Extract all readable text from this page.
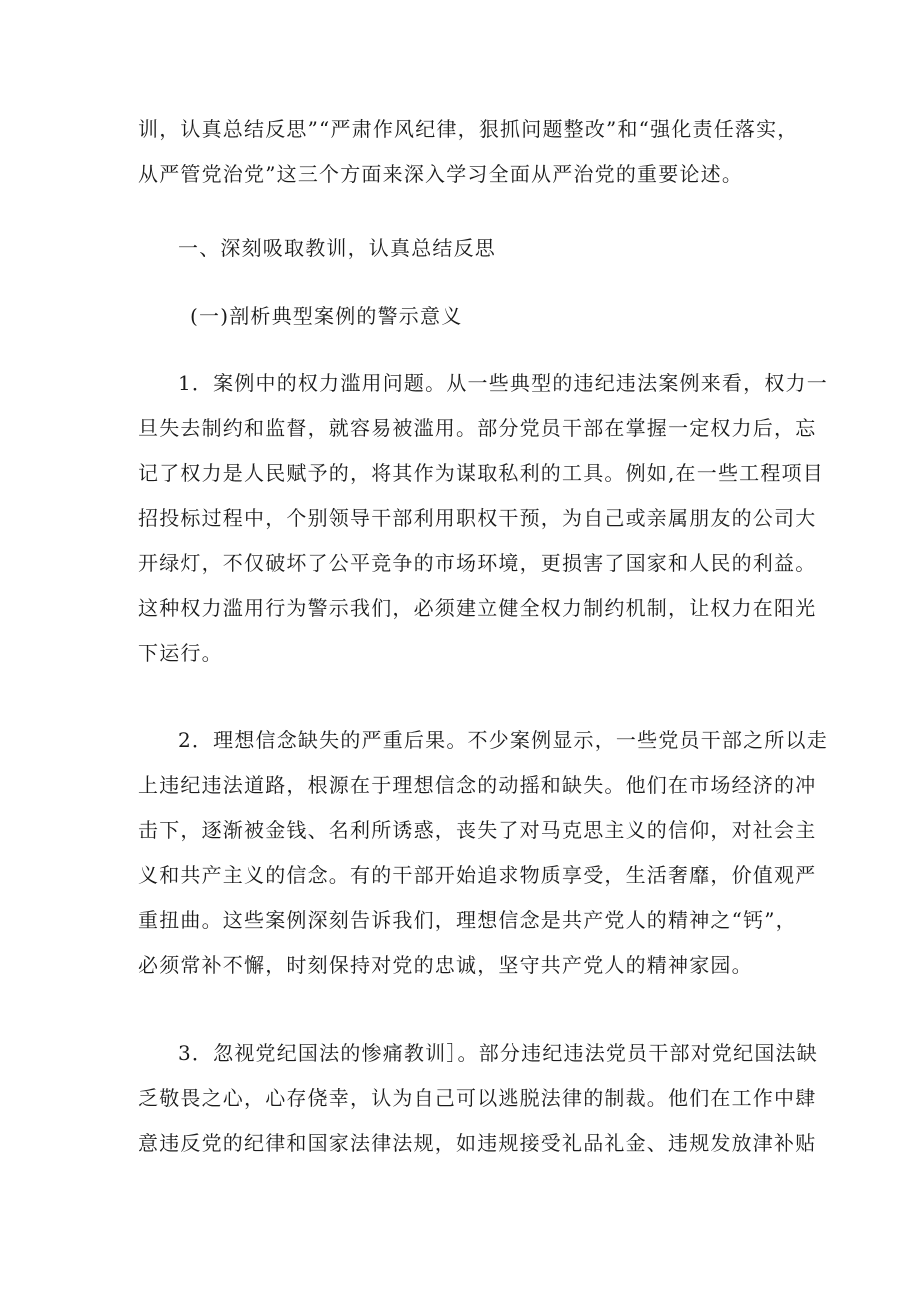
训，认真总结反思”“严肃作风纪律，狠抓问题整改”和“强化责任落实，
从严管党治党”这三个方面来深入学习全面从严治党的重要论述。
一、深刻吸取教训，认真总结反思
(一)剖析典型案例的警示意义
1．案例中的权力滥用问题。从一些典型的违纪违法案例来看，权力一
旦失去制约和监督，就容易被滥用。部分党员干部在掌握一定权力后，忘
记了权力是人民赋予的，将其作为谋取私利的工具。例如,在一些工程项目
招投标过程中，个别领导干部利用职权干预，为自己或亲属朋友的公司大
开绿灯，不仅破坏了公平竞争的市场环境，更损害了国家和人民的利益。
这种权力滥用行为警示我们，必须建立健全权力制约机制，让权力在阳光
下运行。
2．理想信念缺失的严重后果。不少案例显示，一些党员干部之所以走
上违纪违法道路，根源在于理想信念的动摇和缺失。他们在市场经济的冲
击下，逐渐被金钱、名利所诱惑，丧失了对马克思主义的信仰，对社会主
义和共产主义的信念。有的干部开始追求物质享受，生活奢靡，价值观严
重扭曲。这些案例深刻告诉我们，理想信念是共产党人的精神之“钙”，
必须常补不懈，时刻保持对党的忠诚，坚守共产党人的精神家园。
3．忽视党纪国法的惨痛教训］。部分违纪违法党员干部对党纪国法缺
乏敬畏之心，心存侥幸，认为自己可以逃脱法律的制裁。他们在工作中肆
意违反党的纪律和国家法律法规，如违规接受礼品礼金、违规发放津补贴
